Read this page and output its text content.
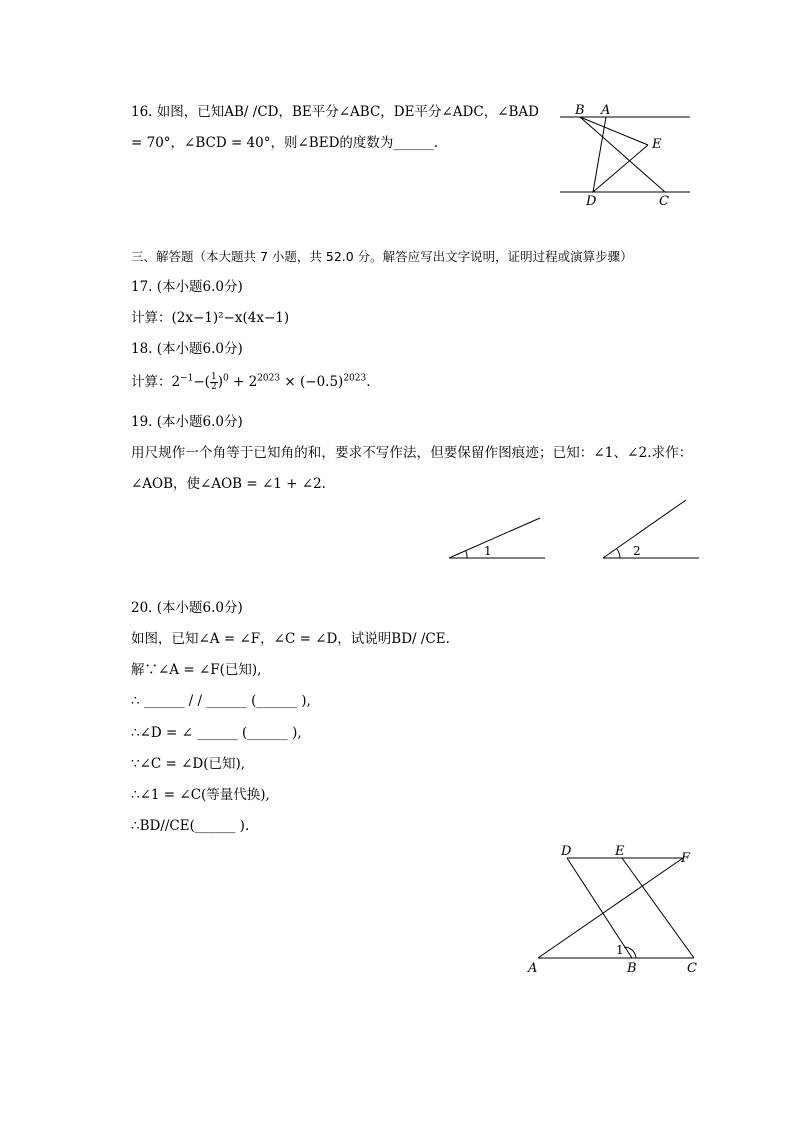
16. 如图，已知AB/ /CD，BE平分∠ABC，DE平分∠ADC，∠BAD
= 70°，∠BCD = 40°，则∠BED的度数为______.
三、解答题（本大题共 7 小题，共 52.0 分。解答应写出文字说明，证明过程或演算步骤）
17. (本小题6.0分)
计算：(2x−1)²−x(4x−1)
18. (本小题6.0分)
计算：$2^{-1}-( \frac{1}{2} )^0 + 2^{2023} \times (-0.5)^{2023}$.
19. (本小题6.0分)
用尺规作一个角等于已知角的和，要求不写作法，但要保留作图痕迹；已知：∠1、∠2.求作：
∠AOB，使∠AOB = ∠1 + ∠2.
20. (本小题6.0分)
如图，已知∠A = ∠F，∠C = ∠D，试说明BD/ /CE.
解∵∠A = ∠F(已知),
∴ ______ / / ______ (______ ),
∴∠D = ∠ ______ (______ ),
∵∠C = ∠D(已知),
∴∠1 = ∠C(等量代换),
∴BD//CE(______ ).
B A
E
D	C
1	2
D	E	F
A	B	C
1
